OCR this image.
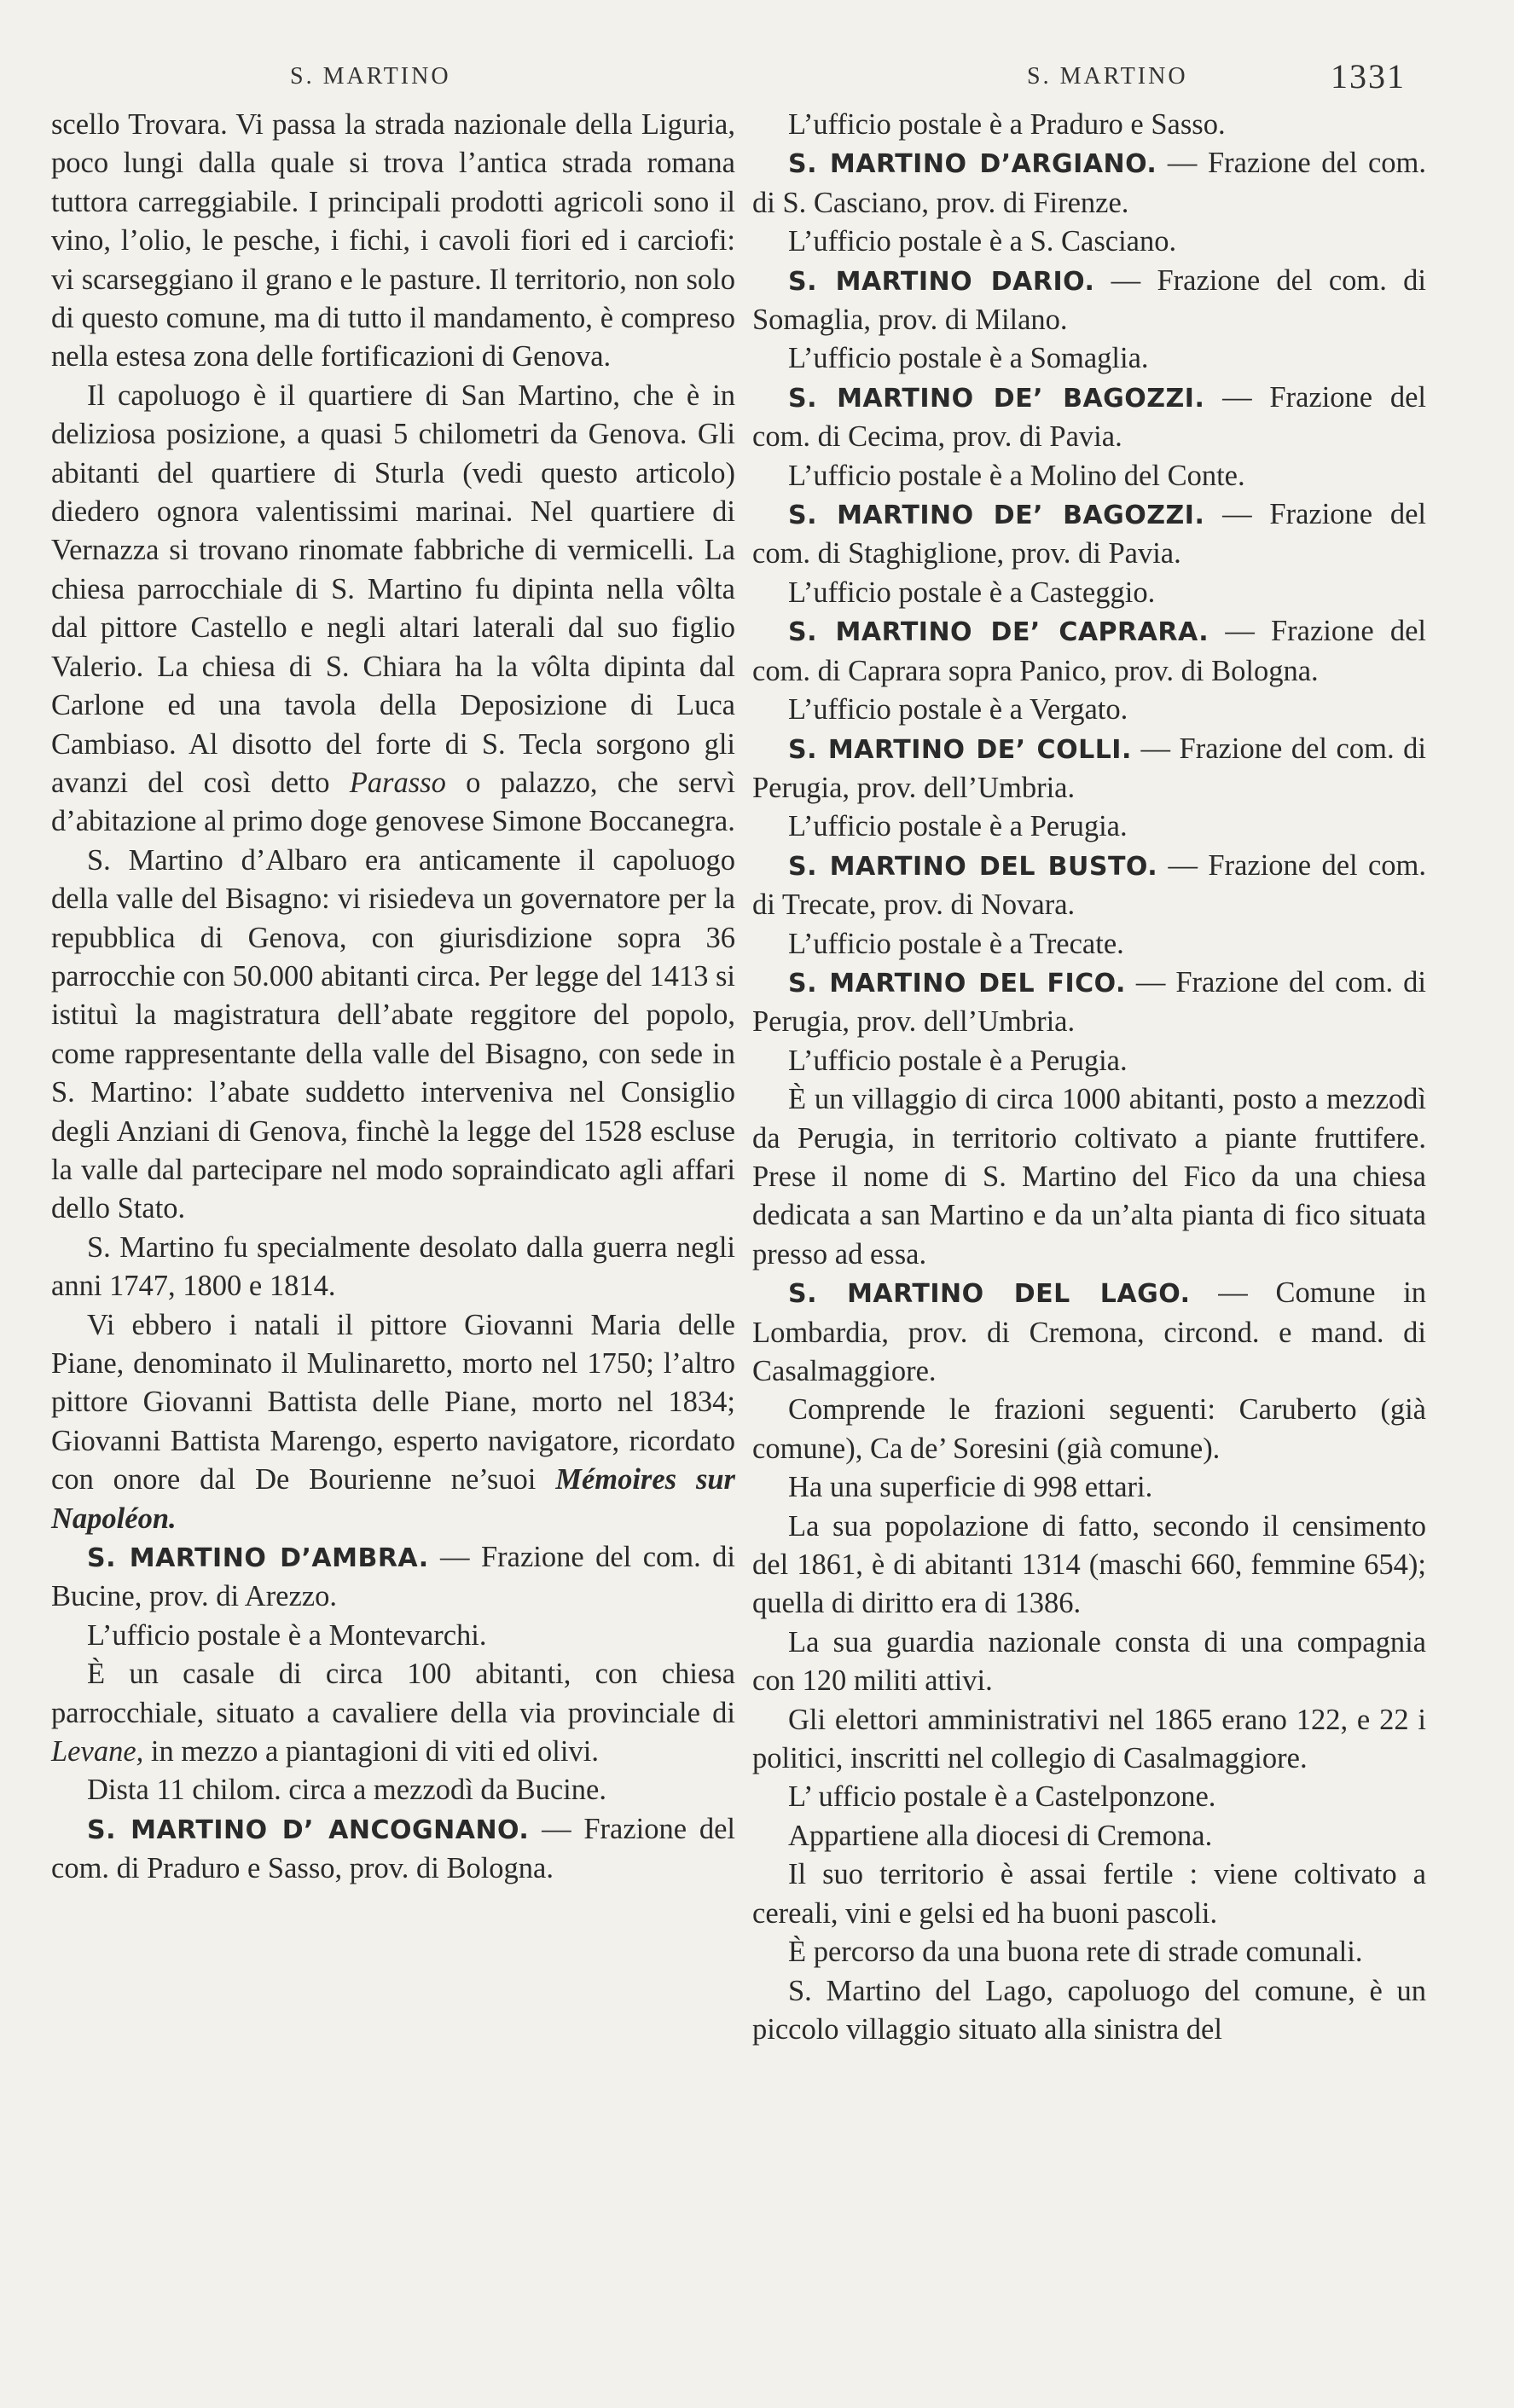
S. MARTINO	S. MARTINO	1331

scello Trovara. Vi passa la strada nazionale della Liguria, poco lungi dalla quale si trova l’antica strada romana tuttora carreggiabile. I principali prodotti agricoli sono il vino, l’olio, le pesche, i fichi, i cavoli fiori ed i carciofi: vi scarseggiano il grano e le pasture. Il territorio, non solo di questo comune, ma di tutto il mandamento, è compreso nella estesa zona delle fortificazioni di Genova.

Il capoluogo è il quartiere di San Martino, che è in deliziosa posizione, a quasi 5 chilometri da Genova. Gli abitanti del quartiere di Sturla (vedi questo articolo) diedero ognora valentissimi marinai. Nel quartiere di Vernazza si trovano rinomate fabbriche di vermicelli. La chiesa parrocchiale di S. Martino fu dipinta nella vôlta dal pittore Castello e negli altari laterali dal suo figlio Valerio. La chiesa di S. Chiara ha la vôlta dipinta dal Carlone ed una tavola della Deposizione di Luca Cambiaso. Al disotto del forte di S. Tecla sorgono gli avanzi del così detto Parasso o palazzo, che servì d’abitazione al primo doge genovese Simone Boccanegra.

S. Martino d’Albaro era anticamente il capoluogo della valle del Bisagno: vi risiedeva un governatore per la repubblica di Genova, con giurisdizione sopra 36 parrocchie con 50.000 abitanti circa. Per legge del 1413 si istituì la magistratura dell’abate reggitore del popolo, come rappresentante della valle del Bisagno, con sede in S. Martino: l’abate suddetto interveniva nel Consiglio degli Anziani di Genova, finchè la legge del 1528 escluse la valle dal partecipare nel modo sopraindicato agli affari dello Stato.

S. Martino fu specialmente desolato dalla guerra negli anni 1747, 1800 e 1814.

Vi ebbero i natali il pittore Giovanni Maria delle Piane, denominato il Mulinaretto, morto nel 1750; l’altro pittore Giovanni Battista delle Piane, morto nel 1834; Giovanni Battista Marengo, esperto navigatore, ricordato con onore dal De Bourienne ne’suoi Mémoires sur Napoléon.

S. MARTINO D’AMBRA. — Frazione del com. di Bucine, prov. di Arezzo.

L’ufficio postale è a Montevarchi.

È un casale di circa 100 abitanti, con chiesa parrocchiale, situato a cavaliere della via provinciale di Levane, in mezzo a piantagioni di viti ed olivi.

Dista 11 chilom. circa a mezzodì da Bucine.

S. MARTINO D’ ANCOGNANO. — Frazione del com. di Praduro e Sasso, prov. di Bologna.

L’ufficio postale è a Praduro e Sasso.

S. MARTINO D’ARGIANO. — Frazione del com. di S. Casciano, prov. di Firenze.

L’ufficio postale è a S. Casciano.

S. MARTINO DARIO. — Frazione del com. di Somaglia, prov. di Milano.

L’ufficio postale è a Somaglia.

S. MARTINO DE’ BAGOZZI. — Frazione del com. di Cecima, prov. di Pavia.

L’ufficio postale è a Molino del Conte.

S. MARTINO DE’ BAGOZZI. — Frazione del com. di Staghiglione, prov. di Pavia.

L’ufficio postale è a Casteggio.

S. MARTINO DE’ CAPRARA. — Frazione del com. di Caprara sopra Panico, prov. di Bologna.

L’ufficio postale è a Vergato.

S. MARTINO DE’ COLLI. — Frazione del com. di Perugia, prov. dell’Umbria.

L’ufficio postale è a Perugia.

S. MARTINO DEL BUSTO. — Frazione del com. di Trecate, prov. di Novara.

L’ufficio postale è a Trecate.

S. MARTINO DEL FICO. — Frazione del com. di Perugia, prov. dell’Umbria.

L’ufficio postale è a Perugia.

È un villaggio di circa 1000 abitanti, posto a mezzodì da Perugia, in territorio coltivato a piante fruttifere. Prese il nome di S. Martino del Fico da una chiesa dedicata a san Martino e da un’alta pianta di fico situata presso ad essa.

S. MARTINO DEL LAGO. — Comune in Lombardia, prov. di Cremona, circond. e mand. di Casalmaggiore.

Comprende le frazioni seguenti: Carubertο (già comune), Ca de’ Soresini (già comune).

Ha una superficie di 998 ettari.

La sua popolazione di fatto, secondo il censimento del 1861, è di abitanti 1314 (maschi 660, femmine 654); quella di diritto era di 1386.

La sua guardia nazionale consta di una compagnia con 120 militi attivi.

Gli elettori amministrativi nel 1865 erano 122, e 22 i politici, inscritti nel collegio di Casalmaggiore.

L’ ufficio postale è a Castelponzone.

Appartiene alla diocesi di Cremona.

Il suo territorio è assai fertile : viene coltivato a cereali, vini e gelsi ed ha buoni pascoli.

È percorso da una buona rete di strade comunali.

S. Martino del Lago, capoluogo del comune, è un piccolo villaggio situato alla sinistra del
